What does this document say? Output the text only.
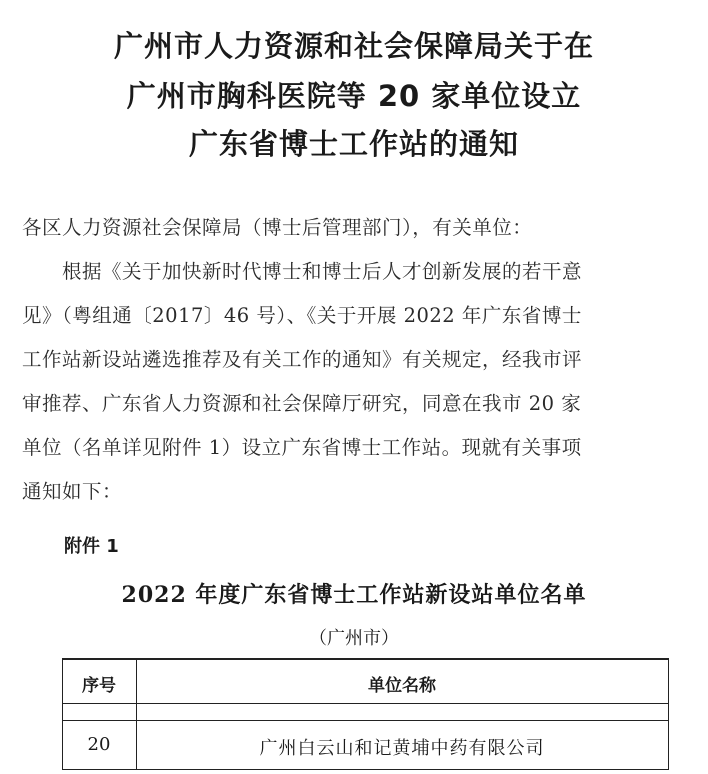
广州市人力资源和社会保障局关于在
广州市胸科医院等 20 家单位设立
广东省博士工作站的通知
各区人力资源社会保障局（博士后管理部门），有关单位：
　　根据《关于加快新时代博士和博士后人才创新发展的若干意
见》（粤组通〔2017〕46 号）、《关于开展 2022 年广东省博士
工作站新设站遴选推荐及有关工作的通知》有关规定，经我市评
审推荐、广东省人力资源和社会保障厅研究，同意在我市 20 家
单位（名单详见附件 1）设立广东省博士工作站。现就有关事项
通知如下：
附件 1
2022 年度广东省博士工作站新设站单位名单
（广州市）
序号	单位名称
20	广州白云山和记黄埔中药有限公司
